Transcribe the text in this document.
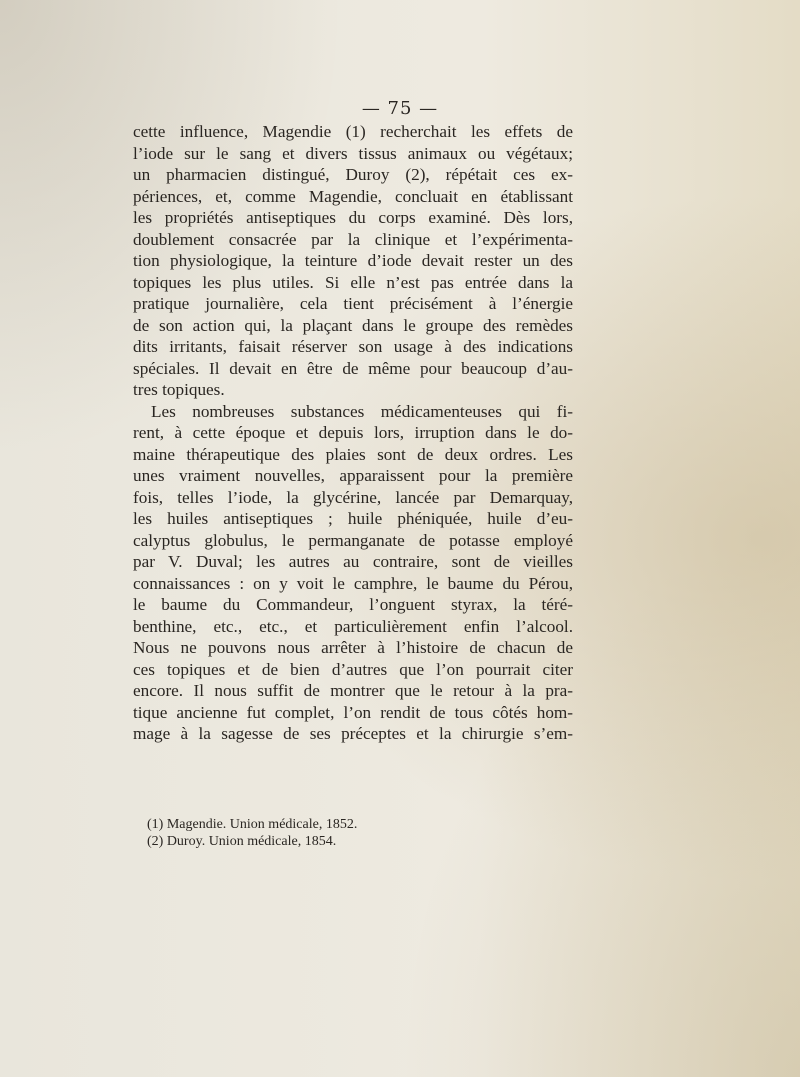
— 75 —
cette influence, Magendie (1) recherchait les effets de
l’iode sur le sang et divers tissus animaux ou végétaux;
un pharmacien distingué, Duroy (2), répétait ces ex-
périences, et, comme Magendie, concluait en établissant
les propriétés antiseptiques du corps examiné. Dès lors,
doublement consacrée par la clinique et l’expérimenta-
tion physiologique, la teinture d’iode devait rester un des
topiques les plus utiles. Si elle n’est pas entrée dans la
pratique journalière, cela tient précisément à l’énergie
de son action qui, la plaçant dans le groupe des remèdes
dits irritants, faisait réserver son usage à des indications
spéciales. Il devait en être de même pour beaucoup d’au-
tres topiques.
Les nombreuses substances médicamenteuses qui fi-
rent, à cette époque et depuis lors, irruption dans le do-
maine thérapeutique des plaies sont de deux ordres. Les
unes vraiment nouvelles, apparaissent pour la première
fois, telles l’iode, la glycérine, lancée par Demarquay,
les huiles antiseptiques ; huile phéniquée, huile d’eu-
calyptus globulus, le permanganate de potasse employé
par V. Duval; les autres au contraire, sont de vieilles
connaissances : on y voit le camphre, le baume du Pérou,
le baume du Commandeur, l’onguent styrax, la téré-
benthine, etc., etc., et particulièrement enfin l’alcool.
Nous ne pouvons nous arrêter à l’histoire de chacun de
ces topiques et de bien d’autres que l’on pourrait citer
encore. Il nous suffit de montrer que le retour à la pra-
tique ancienne fut complet, l’on rendit de tous côtés hom-
mage à la sagesse de ses préceptes et la chirurgie s’em-
(1) Magendie. Union médicale, 1852.
(2) Duroy. Union médicale, 1854.
